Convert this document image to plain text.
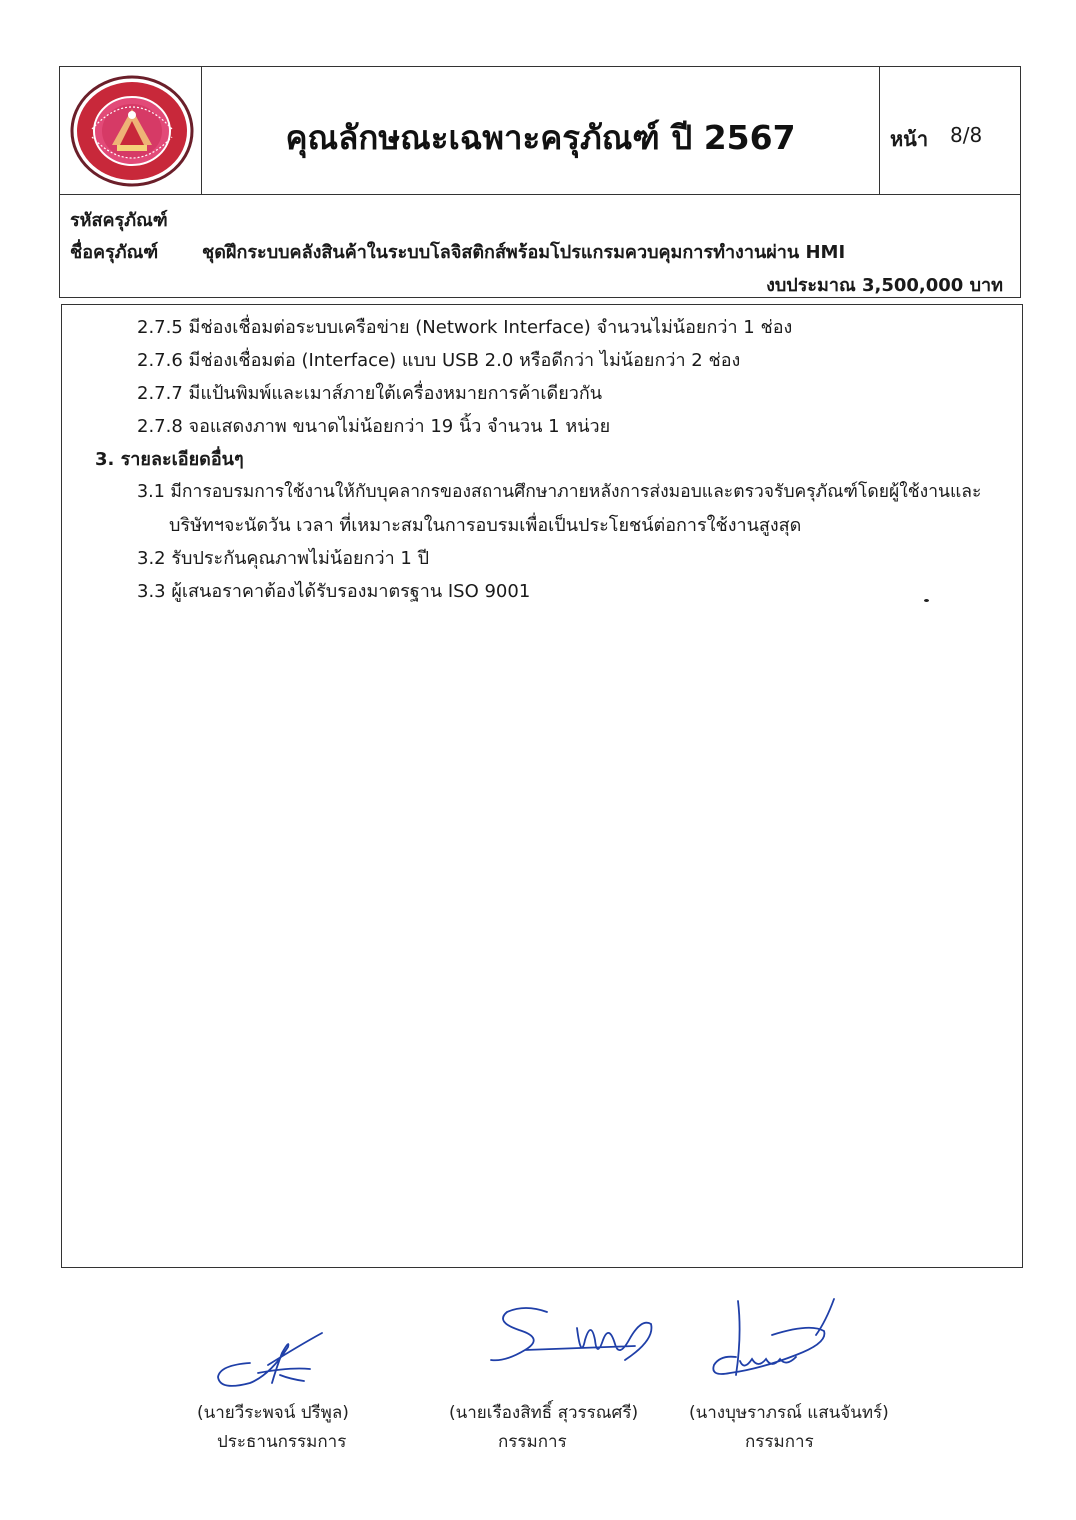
คุณลักษณะเฉพาะครุภัณฑ์ ปี 2567	หน้า 8/8
รหัสครุภัณฑ์
ชื่อครุภัณฑ์ ชุดฝึกระบบคลังสินค้าในระบบโลจิสติกส์พร้อมโปรแกรมควบคุมการทำงานผ่าน HMI
งบประมาณ 3,500,000 บาท
2.7.5 มีช่องเชื่อมต่อระบบเครือข่าย (Network Interface) จำนวนไม่น้อยกว่า 1 ช่อง
2.7.6 มีช่องเชื่อมต่อ (Interface) แบบ USB 2.0 หรือดีกว่า ไม่น้อยกว่า 2 ช่อง
2.7.7 มีแป้นพิมพ์และเมาส์ภายใต้เครื่องหมายการค้าเดียวกัน
2.7.8 จอแสดงภาพ ขนาดไม่น้อยกว่า 19 นิ้ว จำนวน 1 หน่วย
3. รายละเอียดอื่นๆ
3.1 มีการอบรมการใช้งานให้กับบุคลากรของสถานศึกษาภายหลังการส่งมอบและตรวจรับครุภัณฑ์โดยผู้ใช้งานและ
บริษัทฯจะนัดวัน เวลา ที่เหมาะสมในการอบรมเพื่อเป็นประโยชน์ต่อการใช้งานสูงสุด
3.2 รับประกันคุณภาพไม่น้อยกว่า 1 ปี
3.3 ผู้เสนอราคาต้องได้รับรองมาตรฐาน ISO 9001
(นายวีระพจน์ ปรีพูล)
ประธานกรรมการ
(นายเรืองสิทธิ์ สุวรรณศรี)
กรรมการ
(นางบุษราภรณ์ แสนจันทร์)
กรรมการ
